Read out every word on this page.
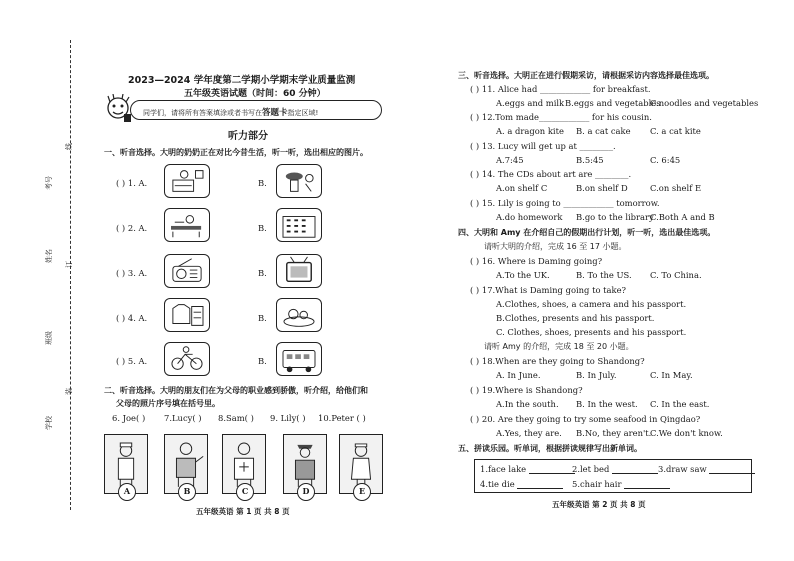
学校
班级
姓名
考号
装
订
线
2023—2024 学年度第二学期小学期末学业质量监测
五年级英语试题（时间：60 分钟）
同学们，请将所有答案填涂或者书写在答题卡指定区域!
听力部分
一、听音选择。大明的奶奶正在对比今昔生活，听一听，选出相应的图片。
( ) 1. A.	B.
( ) 2. A.	B.
( ) 3. A.	B.
( ) 4. A.	B.
( ) 5. A.	B.
二、听音选择。大明的朋友们在为父母的职业感到骄傲，听介绍，给他们和
父母的照片序号填在括号里。
6. Joe( ) 7.Lucy( ) 8.Sam( ) 9. Lily( ) 10.Peter ( )
A	B	C	D	E
五年级英语 第 1 页 共 8 页
三、听音选择。大明正在进行假期采访，请根据采访内容选择最佳选项。
( ) 11. Alice had ____________ for breakfast.
A.eggs and milk B.eggs and vegetables
C.noodles and vegetables
( ) 12.Tom made____________ for his cousin.
A. a dragon kite B. a cat cake C. a cat kite
( ) 13. Lucy will get up at ________.
A.7:45	B.5:45	C. 6:45
( ) 14. The CDs about art are ________.
A.on shelf C	B.on shelf D	C.on shelf E
( ) 15. Lily is going to ____________ tomorrow.
A.do homework B.go to the library
C.Both A and B
四、大明和 Amy 在介绍自己的假期出行计划，听一听，选出最佳选项。
请听大明的介绍，完成 16 至 17 小题。
( ) 16. Where is Daming going?
A.To the UK.	B. To the US. C. To China.
( ) 17.What is Daming going to take?
A.Clothes, shoes, a camera and his passport.
B.Clothes, presents and his passport.
C. Clothes, shoes, presents and his passport.
请听 Amy 的介绍，完成 18 至 20 小题。
( ) 18.When are they going to Shandong?
A. In June.	B. In July.	C. In May.
( ) 19.Where is Shandong?
A.In the south. B. In the west. C. In the east.
( ) 20. Are they going to try some seafood in Qingdao?
A.Yes, they are. B.No, they aren't.
C.We don't know.
五、拼读乐园。听单词，根据拼读规律写出新单词。
1.face lake	2.let bed	3.draw saw
4.tie die	5.chair hair
五年级英语 第 2 页 共 8 页
